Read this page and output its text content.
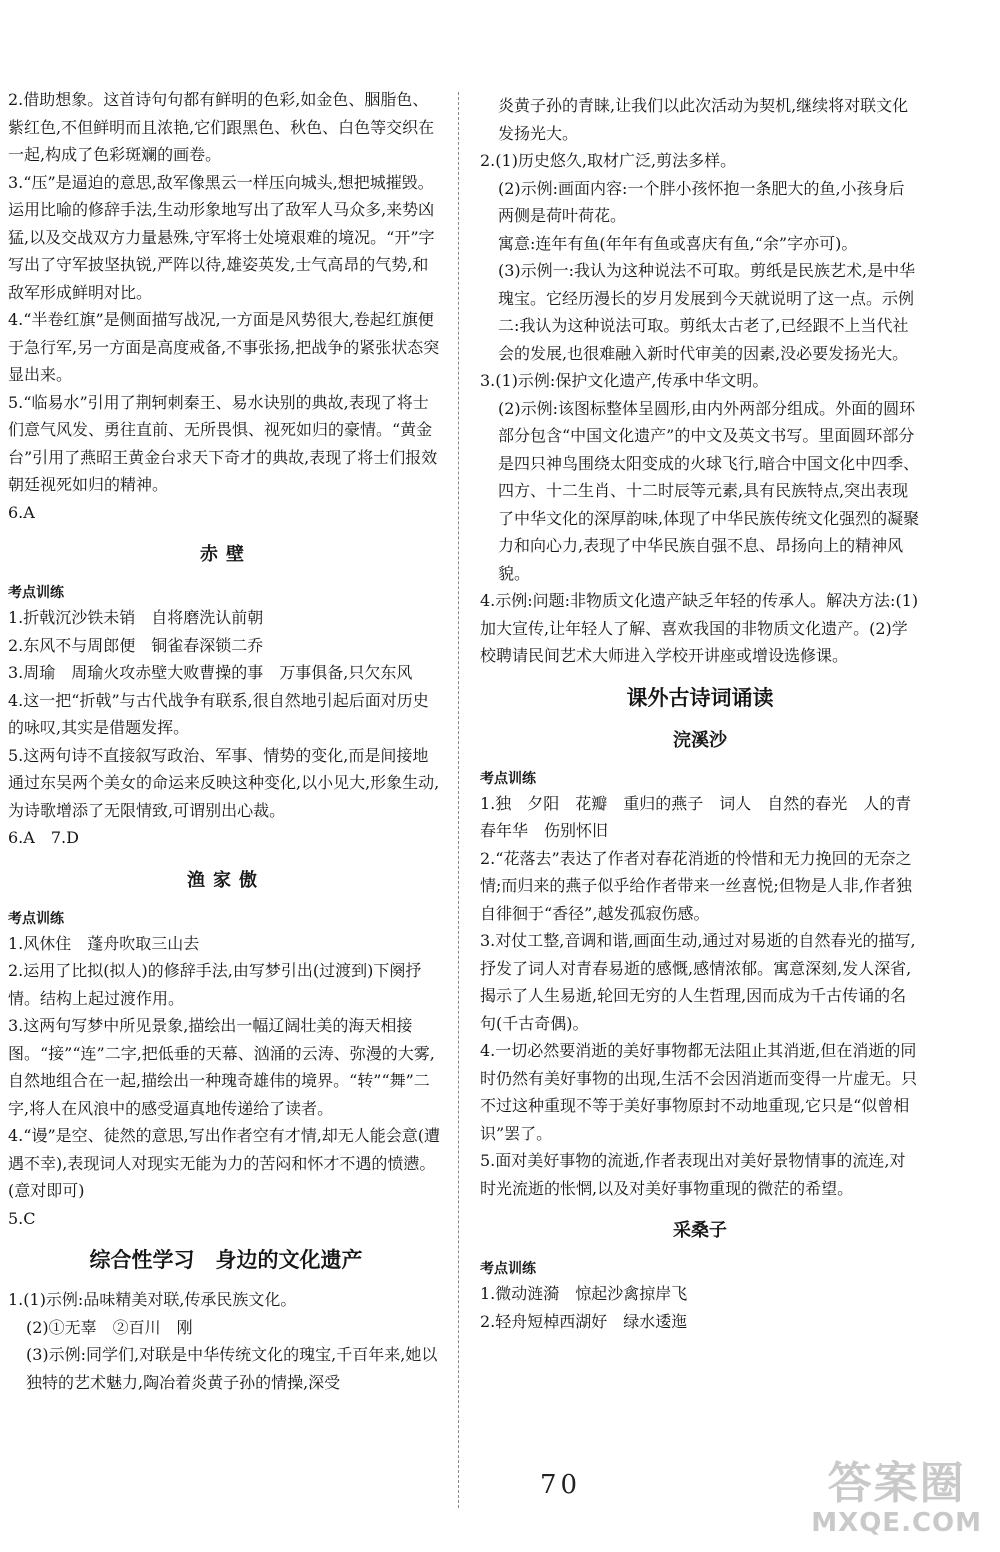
2.借助想象。这首诗句句都有鲜明的色彩,如金色、胭脂色、紫红色,不但鲜明而且浓艳,它们跟黑色、秋色、白色等交织在一起,构成了色彩斑斓的画卷。

3.“压”是逼迫的意思,敌军像黑云一样压向城头,想把城摧毁。运用比喻的修辞手法,生动形象地写出了敌军人马众多,来势凶猛,以及交战双方力量悬殊,守军将士处境艰难的境况。“开”字写出了守军披坚执锐,严阵以待,雄姿英发,士气高昂的气势,和敌军形成鲜明对比。

4.“半卷红旗”是侧面描写战况,一方面是风势很大,卷起红旗便于急行军,另一方面是高度戒备,不事张扬,把战争的紧张状态突显出来。

5.“临易水”引用了荆轲刺秦王、易水诀别的典故,表现了将士们意气风发、勇往直前、无所畏惧、视死如归的豪情。“黄金台”引用了燕昭王黄金台求天下奇才的典故,表现了将士们报效朝廷视死如归的精神。

6.A

赤壁
考点训练

1.折戟沉沙铁未销　自将磨洗认前朝

2.东风不与周郎便　铜雀春深锁二乔

3.周瑜　周瑜火攻赤壁大败曹操的事　万事俱备,只欠东风

4.这一把“折戟”与古代战争有联系,很自然地引起后面对历史的咏叹,其实是借题发挥。

5.这两句诗不直接叙写政治、军事、情势的变化,而是间接地通过东吴两个美女的命运来反映这种变化,以小见大,形象生动,为诗歌增添了无限情致,可谓别出心裁。

6.A　7.D

渔家傲
考点训练

1.风休住　蓬舟吹取三山去

2.运用了比拟(拟人)的修辞手法,由写梦引出(过渡到)下阕抒情。结构上起过渡作用。

3.这两句写梦中所见景象,描绘出一幅辽阔壮美的海天相接图。“接”“连”二字,把低垂的天幕、汹涌的云涛、弥漫的大雾,自然地组合在一起,描绘出一种瑰奇雄伟的境界。“转”“舞”二字,将人在风浪中的感受逼真地传递给了读者。

4.“谩”是空、徒然的意思,写出作者空有才情,却无人能会意(遭遇不幸),表现词人对现实无能为力的苦闷和怀才不遇的愤懑。(意对即可)

5.C

综合性学习　身边的文化遗产

1.(1)示例:品味精美对联,传承民族文化。

(2)①无辜　②百川　刚

(3)示例:同学们,对联是中华传统文化的瑰宝,千百年来,她以独特的艺术魅力,陶冶着炎黄子孙的情操,深受

炎黄子孙的青睐,让我们以此次活动为契机,继续将对联文化发扬光大。

2.(1)历史悠久,取材广泛,剪法多样。

(2)示例:画面内容:一个胖小孩怀抱一条肥大的鱼,小孩身后两侧是荷叶荷花。

寓意:连年有鱼(年年有鱼或喜庆有鱼,“余”字亦可)。

(3)示例一:我认为这种说法不可取。剪纸是民族艺术,是中华瑰宝。它经历漫长的岁月发展到今天就说明了这一点。示例二:我认为这种说法可取。剪纸太古老了,已经跟不上当代社会的发展,也很难融入新时代审美的因素,没必要发扬光大。

3.(1)示例:保护文化遗产,传承中华文明。

(2)示例:该图标整体呈圆形,由内外两部分组成。外面的圆环部分包含“中国文化遗产”的中文及英文书写。里面圆环部分是四只神鸟围绕太阳变成的火球飞行,暗合中国文化中四季、四方、十二生肖、十二时辰等元素,具有民族特点,突出表现了中华文化的深厚韵味,体现了中华民族传统文化强烈的凝聚力和向心力,表现了中华民族自强不息、昂扬向上的精神风貌。

4.示例:问题:非物质文化遗产缺乏年轻的传承人。解决方法:(1)加大宣传,让年轻人了解、喜欢我国的非物质文化遗产。(2)学校聘请民间艺术大师进入学校开讲座或增设选修课。

课外古诗词诵读
浣溪沙
考点训练

1.独　夕阳　花瓣　重归的燕子　词人　自然的春光　人的青春年华　伤别怀旧

2.“花落去”表达了作者对春花消逝的怜惜和无力挽回的无奈之情;而归来的燕子似乎给作者带来一丝喜悦;但物是人非,作者独自徘徊于“香径”,越发孤寂伤感。

3.对仗工整,音调和谐,画面生动,通过对易逝的自然春光的描写,抒发了词人对青春易逝的感慨,感情浓郁。寓意深刻,发人深省,揭示了人生易逝,轮回无穷的人生哲理,因而成为千古传诵的名句(千古奇偶)。

4.一切必然要消逝的美好事物都无法阻止其消逝,但在消逝的同时仍然有美好事物的出现,生活不会因消逝而变得一片虚无。只不过这种重现不等于美好事物原封不动地重现,它只是“似曾相识”罢了。

5.面对美好事物的流逝,作者表现出对美好景物情事的流连,对时光流逝的怅惘,以及对美好事物重现的微茫的希望。

采桑子
考点训练

1.微动涟漪　惊起沙禽掠岸飞

2.轻舟短棹西湖好　绿水逶迤

70	答案圈
MXQE.COM
